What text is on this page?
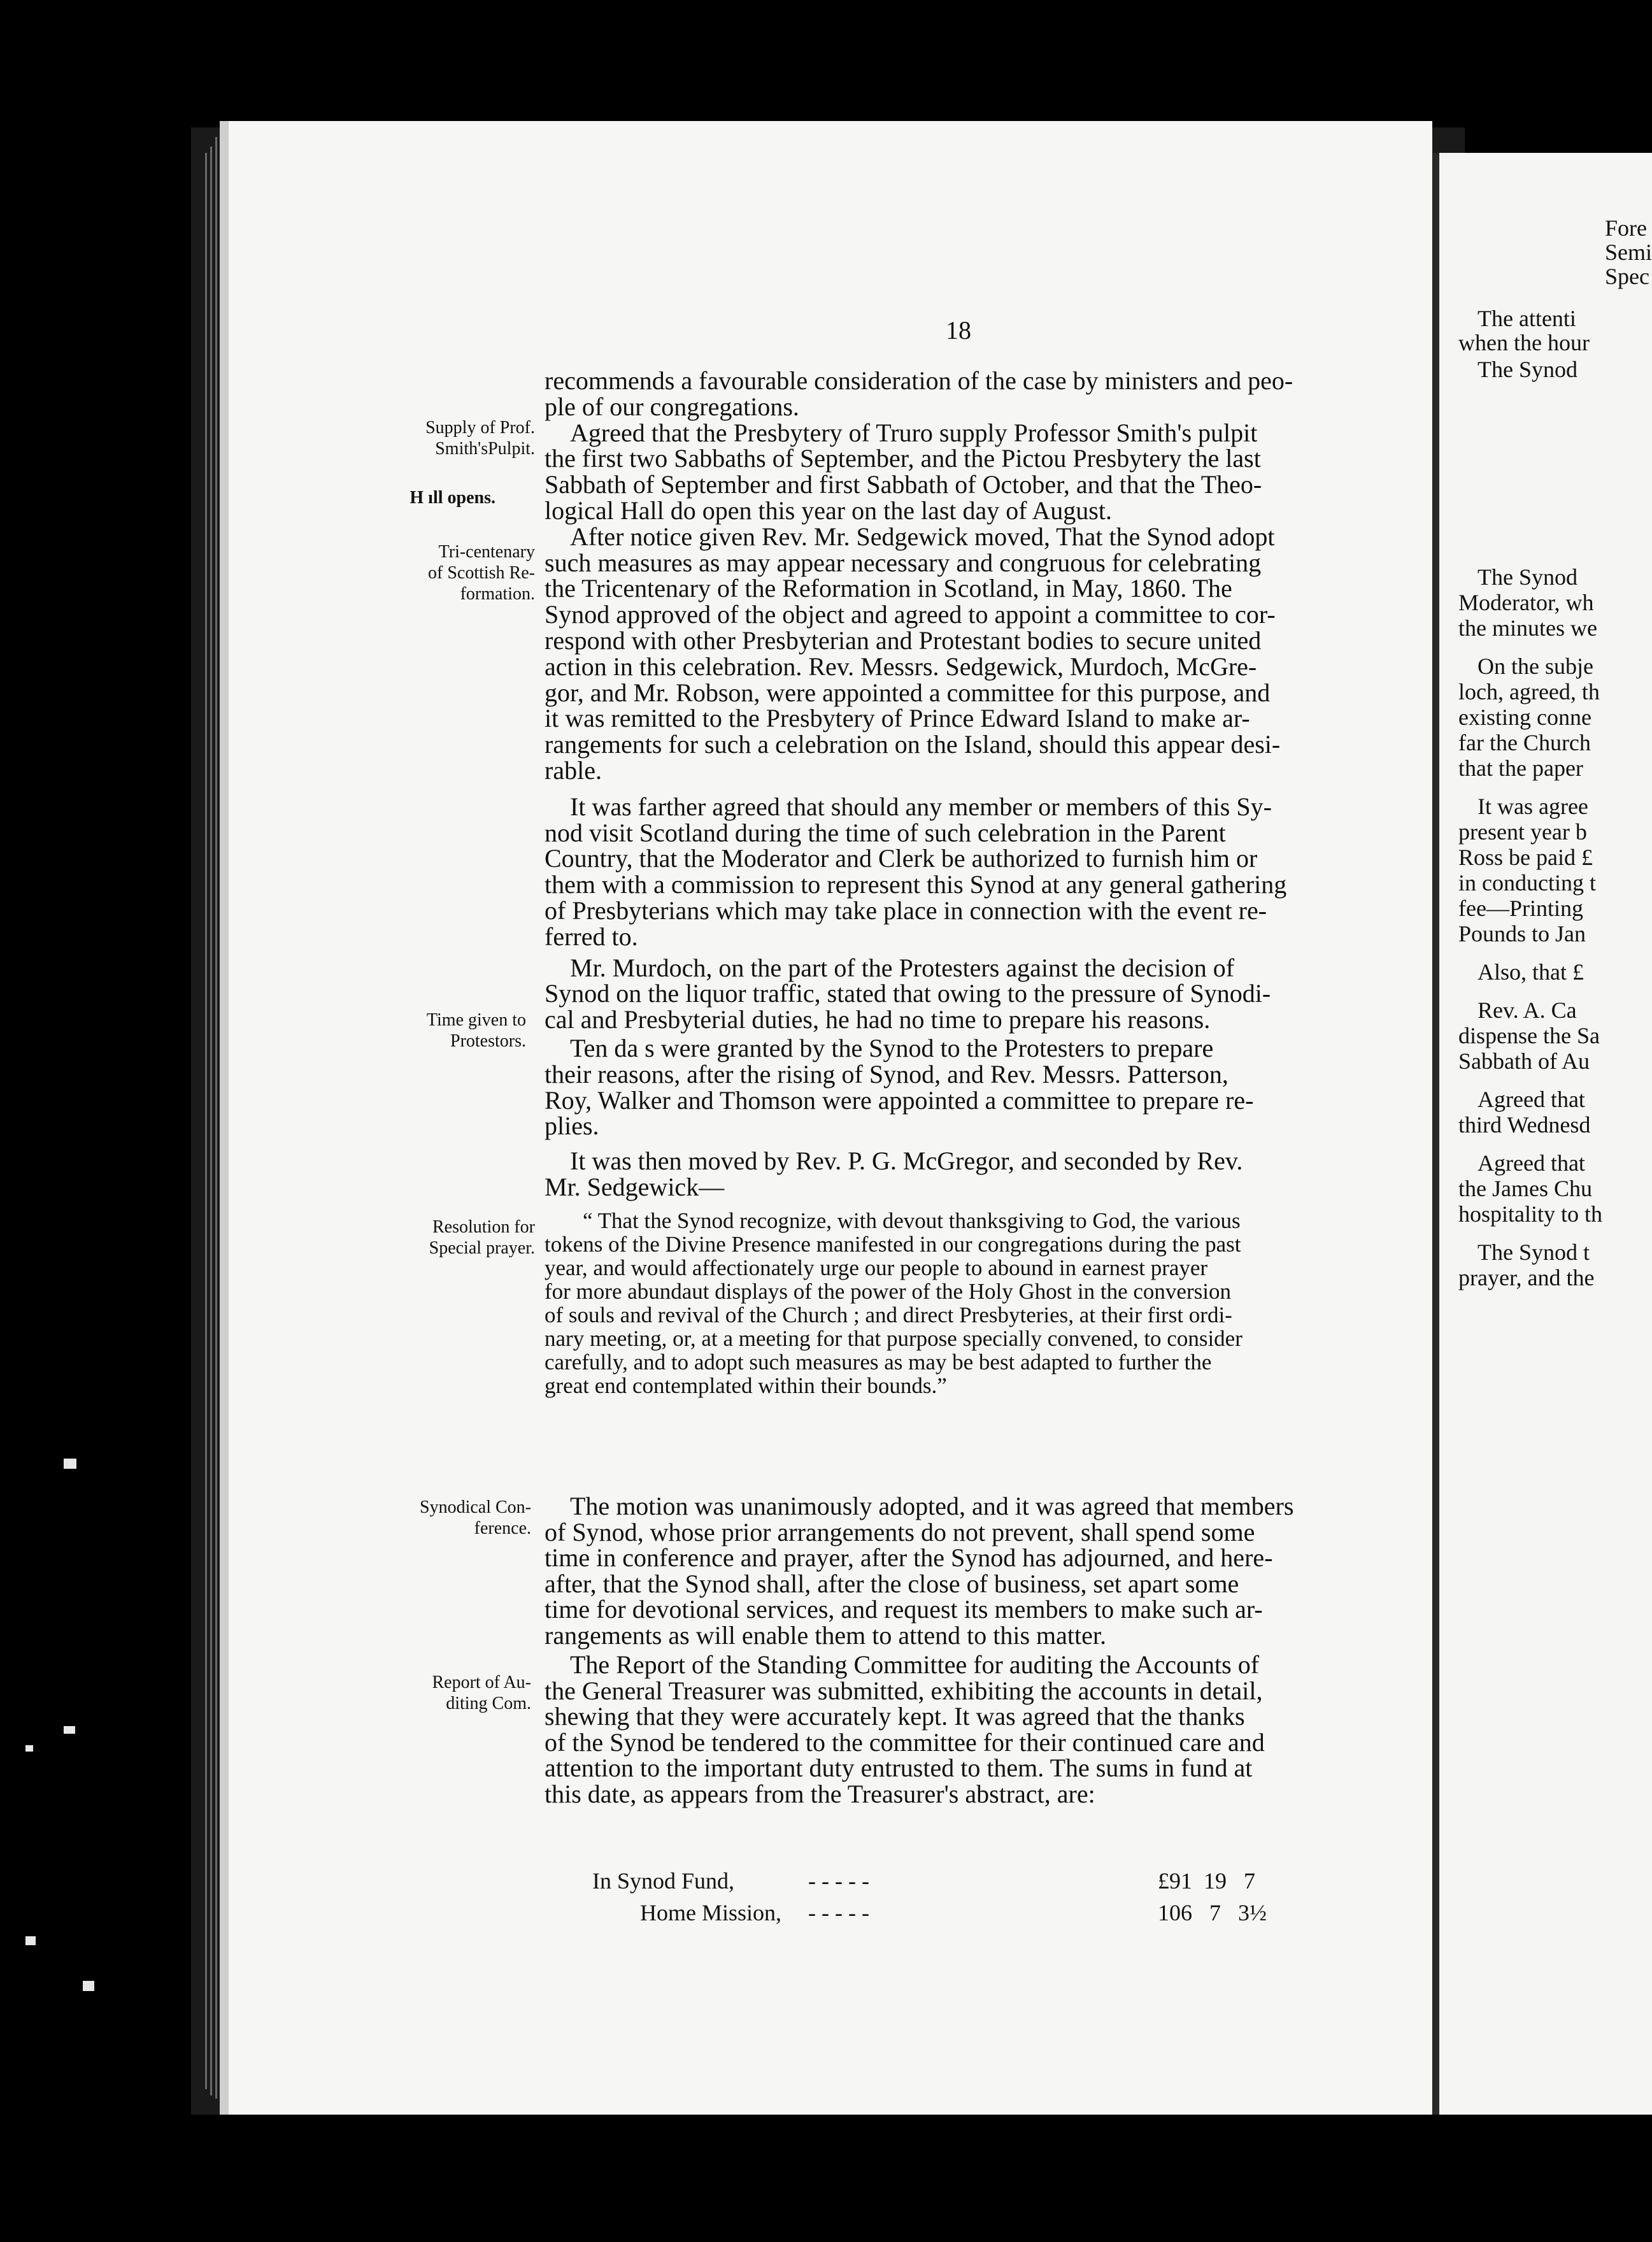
Fore
Semi
Spec
The attenti
when the hour
The Synod
The Synod
Moderator, wh
the minutes we
On the subje
loch, agreed, th
existing conne
far the Church
that the paper
It was agree
present year b
Ross be paid £
in conducting t
fee—Printing
Pounds to Jan
Also, that £
Rev. A. Ca
dispense the Sa
Sabbath of Au
Agreed that
third Wednesd
Agreed that
the James Chu
hospitality to th
The Synod t
prayer, and the
18
Supply of Prof.
Smith'sPulpit.
H ıll opens.
Tri-centenary
of Scottish Re-
formation.
Time given to
Protestors.
Resolution for
Special prayer.
Synodical Con-
ference.
Report of Au-
diting Com.
recommends a favourable consideration of the case by ministers and peo-
ple of our congregations.
Agreed that the Presbytery of Truro supply Professor Smith's pulpit
the first two Sabbaths of September, and the Pictou Presbytery the last
Sabbath of September and first Sabbath of October, and that the Theo-
logical Hall do open this year on the last day of August.
After notice given Rev. Mr. Sedgewick moved, That the Synod adopt
such measures as may appear necessary and congruous for celebrating
the Tricentenary of the Reformation in Scotland, in May, 1860. The
Synod approved of the object and agreed to appoint a committee to cor-
respond with other Presbyterian and Protestant bodies to secure united
action in this celebration. Rev. Messrs. Sedgewick, Murdoch, McGre-
gor, and Mr. Robson, were appointed a committee for this purpose, and
it was remitted to the Presbytery of Prince Edward Island to make ar-
rangements for such a celebration on the Island, should this appear desi-
rable.
It was farther agreed that should any member or members of this Sy-
nod visit Scotland during the time of such celebration in the Parent
Country, that the Moderator and Clerk be authorized to furnish him or
them with a commission to represent this Synod at any general gathering
of Presbyterians which may take place in connection with the event re-
ferred to.
Mr. Murdoch, on the part of the Protesters against the decision of
Synod on the liquor traffic, stated that owing to the pressure of Synodi-
cal and Presbyterial duties, he had no time to prepare his reasons.
Ten da s were granted by the Synod to the Protesters to prepare
their reasons, after the rising of Synod, and Rev. Messrs. Patterson,
Roy, Walker and Thomson were appointed a committee to prepare re-
plies.
It was then moved by Rev. P. G. McGregor, and seconded by Rev.
Mr. Sedgewick—
“ That the Synod recognize, with devout thanksgiving to God, the various
tokens of the Divine Presence manifested in our congregations during the past
year, and would affectionately urge our people to abound in earnest prayer
for more abundaut displays of the power of the Holy Ghost in the conversion
of souls and revival of the Church ; and direct Presbyteries, at their first ordi-
nary meeting, or, at a meeting for that purpose specially convened, to consider
carefully, and to adopt such measures as may be best adapted to further the
great end contemplated within their bounds.”
The motion was unanimously adopted, and it was agreed that members
of Synod, whose prior arrangements do not prevent, shall spend some
time in conference and prayer, after the Synod has adjourned, and here-
after, that the Synod shall, after the close of business, set apart some
time for devotional services, and request its members to make such ar-
rangements as will enable them to attend to this matter.
The Report of the Standing Committee for auditing the Accounts of
the General Treasurer was submitted, exhibiting the accounts in detail,
shewing that they were accurately kept. It was agreed that the thanks
of the Synod be tendered to the committee for their continued care and
attention to the important duty entrusted to them. The sums in fund at
this date, as appears from the Treasurer's abstract, are:
In Synod Fund,	- - - - -	£91  19   7
Home Mission, - - - - -	106   7   3½
